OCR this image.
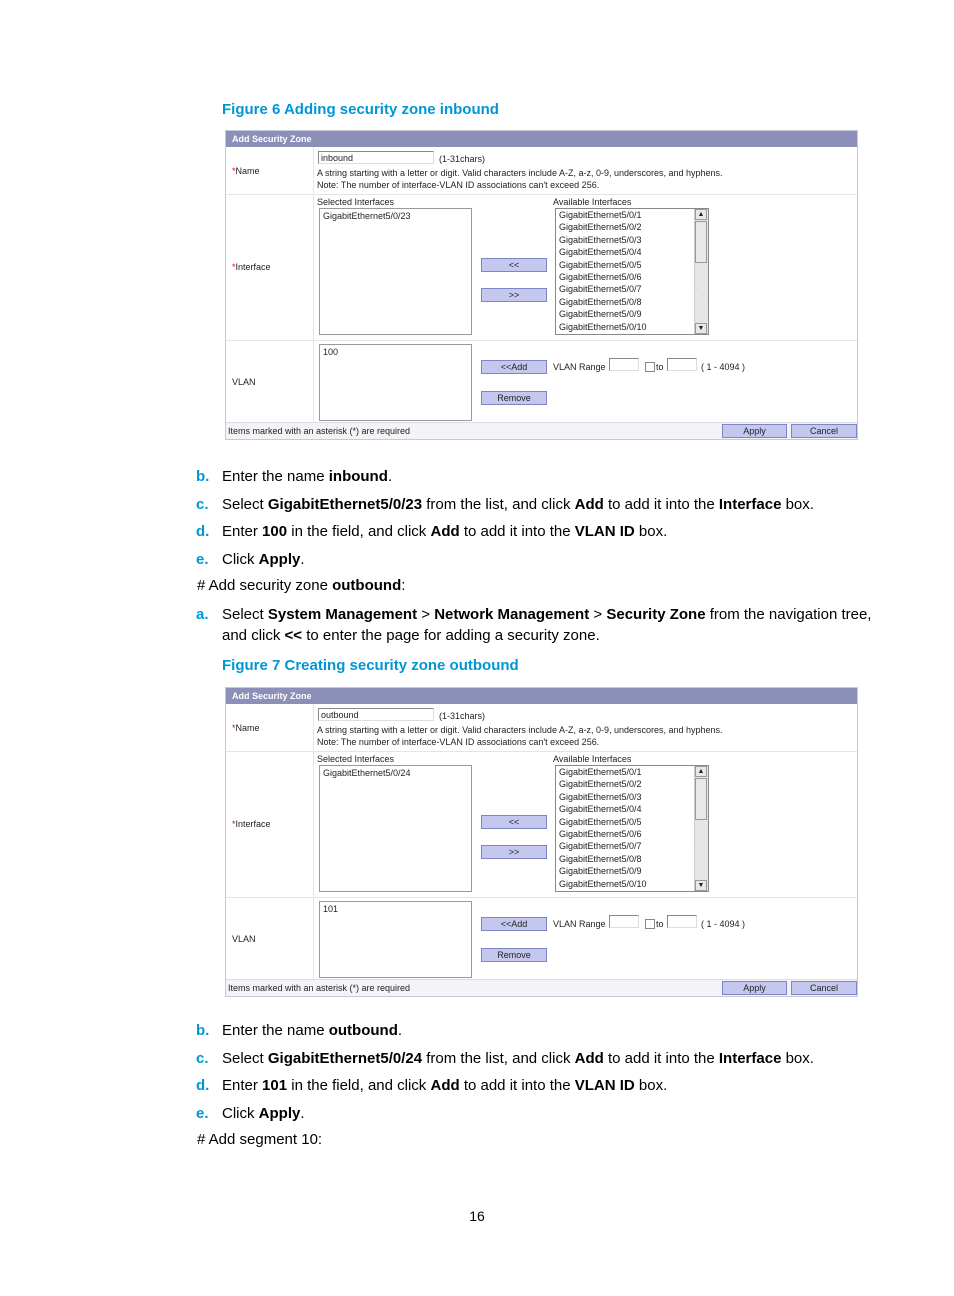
Figure 6 Adding security zone inbound
Add Security Zone
*Name
inbound	(1-31chars)
A string starting with a letter or digit. Valid characters include A-Z, a-z, 0-9, underscores, and hyphens.
Note: The number of interface-VLAN ID associations can't exceed 256.
*Interface
Selected Interfaces
GigabitEthernet5/0/23
<<
>>
Available Interfaces
GigabitEthernet5/0/1
GigabitEthernet5/0/2
GigabitEthernet5/0/3
GigabitEthernet5/0/4
GigabitEthernet5/0/5
GigabitEthernet5/0/6
GigabitEthernet5/0/7
GigabitEthernet5/0/8
GigabitEthernet5/0/9
GigabitEthernet5/0/10
▲
▼
VLAN
100
<<Add
Remove
VLAN Range	to	( 1 - 4094 )
Items marked with an asterisk (*) are required	Apply	Cancel
b. Enter the name inbound.
c. Select GigabitEthernet5/0/23 from the list, and click Add to add it into the Interface box.
d. Enter 100 in the field, and click Add to add it into the VLAN ID box.
e. Click Apply.
# Add security zone outbound:
a. Select System Management > Network Management > Security Zone from the navigation tree,
and click << to enter the page for adding a security zone.
Figure 7 Creating security zone outbound
Add Security Zone
*Name
outbound	(1-31chars)
A string starting with a letter or digit. Valid characters include A-Z, a-z, 0-9, underscores, and hyphens.
Note: The number of interface-VLAN ID associations can't exceed 256.
*Interface
Selected Interfaces
GigabitEthernet5/0/24
<<
>>
Available Interfaces
GigabitEthernet5/0/1
GigabitEthernet5/0/2
GigabitEthernet5/0/3
GigabitEthernet5/0/4
GigabitEthernet5/0/5
GigabitEthernet5/0/6
GigabitEthernet5/0/7
GigabitEthernet5/0/8
GigabitEthernet5/0/9
GigabitEthernet5/0/10
▲
▼
VLAN
101
<<Add
Remove
VLAN Range	to	( 1 - 4094 )
Items marked with an asterisk (*) are required	Apply	Cancel
b. Enter the name outbound.
c. Select GigabitEthernet5/0/24 from the list, and click Add to add it into the Interface box.
d. Enter 101 in the field, and click Add to add it into the VLAN ID box.
e. Click Apply.
# Add segment 10:
16
